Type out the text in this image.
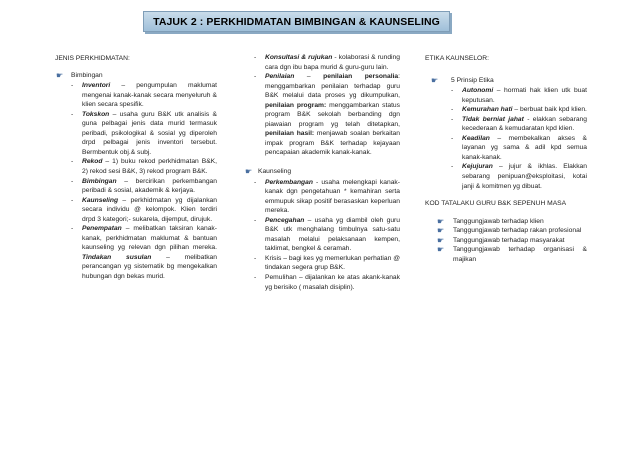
TAJUK 2 : PERKHIDMATAN BIMBINGAN & KAUNSELING
JENIS PERKHIDMATAN:
☛	Bimbingan
- Inventori – pengumpulan maklumat mengenai kanak-kanak secara menyeluruh & klien secara spesifik.
- Tokskon – usaha guru B&K utk analisis & guna pelbagai jenis data murid termasuk peribadi, psikologikal & sosial yg diperoleh drpd pelbagai jenis inventori tersebut. Bermbentuk obj.& subj.
- Rekod – 1) buku rekod perkhidmatan B&K, 2) rekod sesi B&K, 3) rekod program B&K.
- Bimbingan – bercirikan perkembangan peribadi & sosial, akademik & kerjaya.
- Kaunseling – perkhidmatan yg dijalankan secara individu @ kelompok. Klien terdiri drpd 3 kategori;- sukarela, dijemput, dirujuk.
- Penempatan – melibatkan taksiran kanak-kanak, perkhidmatan maklumat & bantuan kaunseling yg relevan dgn pilihan mereka. Tindakan susulan – melibatkan perancangan yg sistematik bg mengekalkan hubungan dgn bekas murid.
- Konsultasi & rujukan - kolaborasi & runding cara dgn ibu bapa murid & guru-guru lain.
- Penilaian – penilaian personalia: menggambarkan penilaian terhadap guru B&K melalui data proses yg dikumpulkan, penilaian program: menggambarkan status program B&K sekolah berbanding dgn piawaian program yg telah ditetapkan, penilaian hasil: menjawab soalan berkaitan impak program B&K terhadap kejayaan pencapaian akademik kanak-kanak.
☛ Kaunseling
- Perkembangan - usaha melengkapi kanak-kanak dgn pengetahuan * kemahiran serta emmupuk sikap positif berasaskan keperluan mereka.
- Pencegahan – usaha yg diambil oleh guru B&K utk menghalang timbulnya satu-satu masalah melalui pelaksanaan kempen, taklimat, bengkel & ceramah.
- Krisis – bagi kes yg memerlukan perhatian @ tindakan segera grup B&K.
- Pemulihan – dijalankan ke atas akank-kanak yg berisiko ( masalah disiplin).
ETIKA KAUNSELOR:
☛	5 Prinsip Etika
- Autonomi – hormati hak klien utk buat keputusan.
- Kemurahan hati – berbuat baik kpd klien.
- Tidak berniat jahat - elakkan sebarang kecederaan & kemudaratan kpd klien.
- Keadilan – membekalkan akses & layanan yg sama & adil kpd semua kanak-kanak.
- Kejujuran – jujur & ikhlas. Elakkan sebarang penipuan@eksploitasi, kotai janji & komitmen yg dibuat.
KOD TATALAKU GURU B&K SEPENUH MASA
☛	Tanggungjawab terhadap klien
☛	Tanggungjawab terhadap rakan profesional
☛	Tanggungjawab terhadap masyarakat
☛	Tanggungjawab terhadap organisasi & majikan
